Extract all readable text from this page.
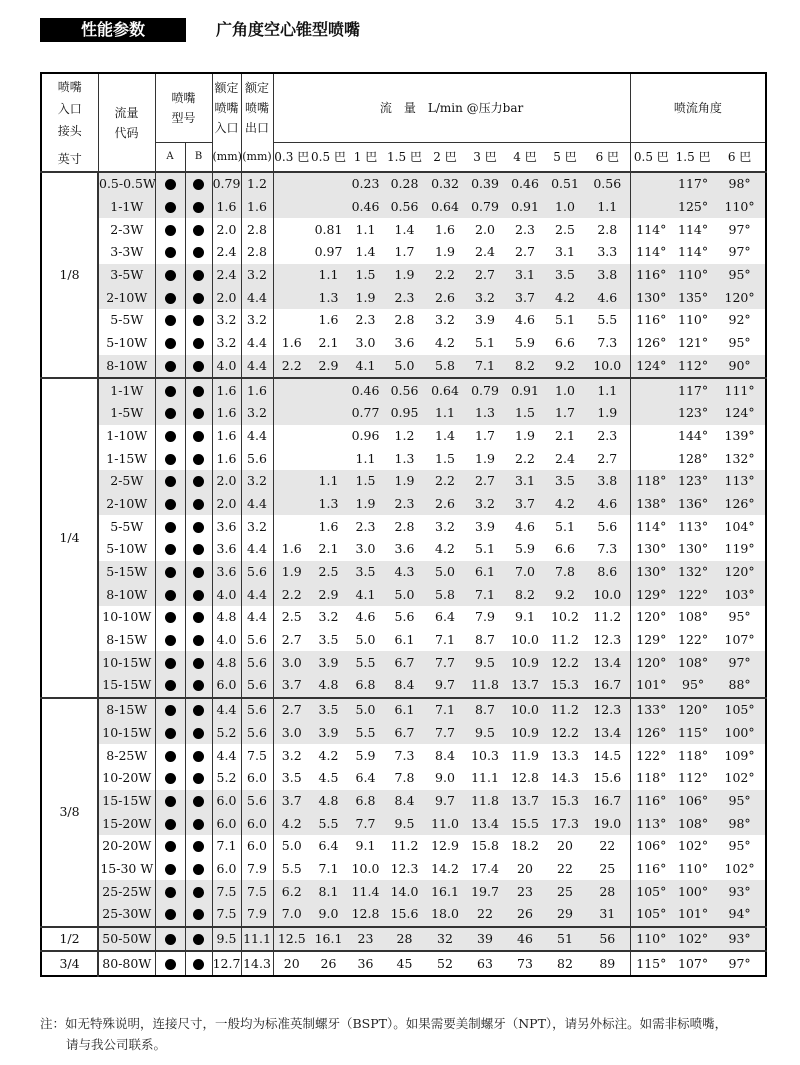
性能参数	广角度空心锥型喷嘴
喷嘴入口接头
英寸	流量代码	喷嘴型号		额定喷嘴入口	额定喷嘴出口	流　量　L/min @压力bar									喷流角度		
		A	B	(mm)	(mm)	0.3 巴	0.5 巴	1 巴	1.5 巴	2 巴	3 巴	4 巴	5 巴	6 巴	0.5 巴	1.5 巴	6 巴
1/8	0.5-0.5W			0.79	1.2			0.23	0.28	0.32	0.39	0.46	0.51	0.56		117°	98°
	1-1W			1.6	1.6			0.46	0.56	0.64	0.79	0.91	1.0	1.1		125°	110°
	2-3W			2.0	2.8		0.81	1.1	1.4	1.6	2.0	2.3	2.5	2.8	114°	114°	97°
	3-3W			2.4	2.8		0.97	1.4	1.7	1.9	2.4	2.7	3.1	3.3	114°	114°	97°
	3-5W			2.4	3.2		1.1	1.5	1.9	2.2	2.7	3.1	3.5	3.8	116°	110°	95°
	2-10W			2.0	4.4		1.3	1.9	2.3	2.6	3.2	3.7	4.2	4.6	130°	135°	120°
	5-5W			3.2	3.2		1.6	2.3	2.8	3.2	3.9	4.6	5.1	5.5	116°	110°	92°
	5-10W			3.2	4.4	1.6	2.1	3.0	3.6	4.2	5.1	5.9	6.6	7.3	126°	121°	95°
	8-10W			4.0	4.4	2.2	2.9	4.1	5.0	5.8	7.1	8.2	9.2	10.0	124°	112°	90°
1/4	1-1W			1.6	1.6			0.46	0.56	0.64	0.79	0.91	1.0	1.1		117°	111°
	1-5W			1.6	3.2			0.77	0.95	1.1	1.3	1.5	1.7	1.9		123°	124°
	1-10W			1.6	4.4			0.96	1.2	1.4	1.7	1.9	2.1	2.3		144°	139°
	1-15W			1.6	5.6			1.1	1.3	1.5	1.9	2.2	2.4	2.7		128°	132°
	2-5W			2.0	3.2		1.1	1.5	1.9	2.2	2.7	3.1	3.5	3.8	118°	123°	113°
	2-10W			2.0	4.4		1.3	1.9	2.3	2.6	3.2	3.7	4.2	4.6	138°	136°	126°
	5-5W			3.6	3.2		1.6	2.3	2.8	3.2	3.9	4.6	5.1	5.6	114°	113°	104°
	5-10W			3.6	4.4	1.6	2.1	3.0	3.6	4.2	5.1	5.9	6.6	7.3	130°	130°	119°
	5-15W			3.6	5.6	1.9	2.5	3.5	4.3	5.0	6.1	7.0	7.8	8.6	130°	132°	120°
	8-10W			4.0	4.4	2.2	2.9	4.1	5.0	5.8	7.1	8.2	9.2	10.0	129°	122°	103°
	10-10W			4.8	4.4	2.5	3.2	4.6	5.6	6.4	7.9	9.1	10.2	11.2	120°	108°	95°
	8-15W			4.0	5.6	2.7	3.5	5.0	6.1	7.1	8.7	10.0	11.2	12.3	129°	122°	107°
	10-15W			4.8	5.6	3.0	3.9	5.5	6.7	7.7	9.5	10.9	12.2	13.4	120°	108°	97°
	15-15W			6.0	5.6	3.7	4.8	6.8	8.4	9.7	11.8	13.7	15.3	16.7	101°	95°	88°
3/8	8-15W			4.4	5.6	2.7	3.5	5.0	6.1	7.1	8.7	10.0	11.2	12.3	133°	120°	105°
	10-15W			5.2	5.6	3.0	3.9	5.5	6.7	7.7	9.5	10.9	12.2	13.4	126°	115°	100°
	8-25W			4.4	7.5	3.2	4.2	5.9	7.3	8.4	10.3	11.9	13.3	14.5	122°	118°	109°
	10-20W			5.2	6.0	3.5	4.5	6.4	7.8	9.0	11.1	12.8	14.3	15.6	118°	112°	102°
	15-15W			6.0	5.6	3.7	4.8	6.8	8.4	9.7	11.8	13.7	15.3	16.7	116°	106°	95°
	15-20W			6.0	6.0	4.2	5.5	7.7	9.5	11.0	13.4	15.5	17.3	19.0	113°	108°	98°
	20-20W			7.1	6.0	5.0	6.4	9.1	11.2	12.9	15.8	18.2	20	22	106°	102°	95°
	15-30 W			6.0	7.9	5.5	7.1	10.0	12.3	14.2	17.4	20	22	25	116°	110°	102°
	25-25W			7.5	7.5	6.2	8.1	11.4	14.0	16.1	19.7	23	25	28	105°	100°	93°
	25-30W			7.5	7.9	7.0	9.0	12.8	15.6	18.0	22	26	29	31	105°	101°	94°
1/2	50-50W			9.5	11.1	12.5	16.1	23	28	32	39	46	51	56	110°	102°	93°
3/4	80-80W			12.7	14.3	20	26	36	45	52	63	73	82	89	115°	107°	97°
注：如无特殊说明，连接尺寸，一般均为标准英制螺牙（BSPT）。如果需要美制螺牙（NPT），请另外标注。如需非标喷嘴，
请与我公司联系。
